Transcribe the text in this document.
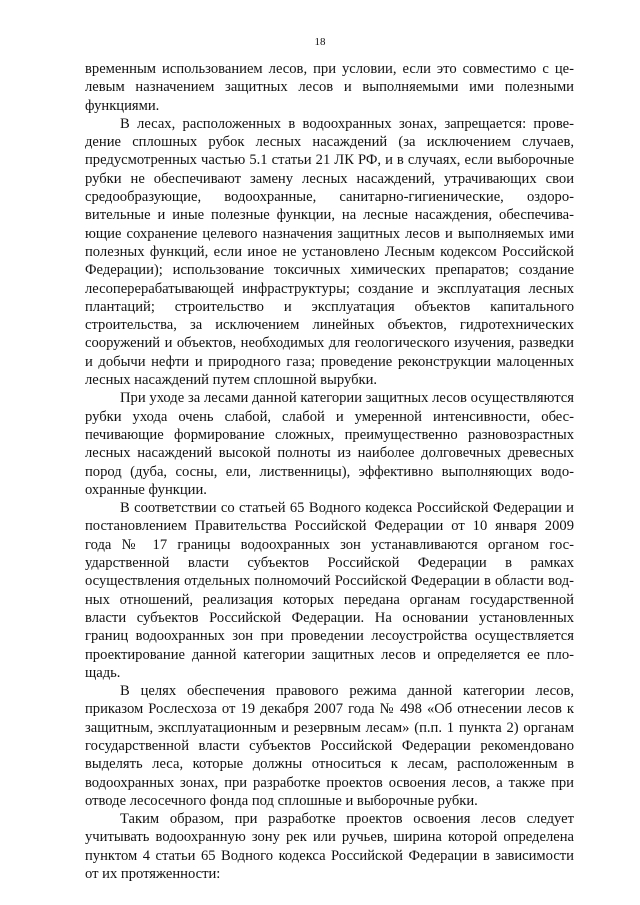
18

временным использованием лесов, при условии, если это совместимо с целевым назначением защитных лесов и выполняемыми ими полезными функциями.

В лесах, расположенных в водоохранных зонах, запрещается: проведение сплошных рубок лесных насаждений (за исключением случаев, предусмотренных частью 5.1 статьи 21 ЛК РФ, и в случаях, если выборочные рубки не обеспечивают замену лесных насаждений, утрачивающих свои средообразующие, водоохранные, санитарно-гигиенические, оздоровительные и иные полезные функции, на лесные насаждения, обеспечивающие сохранение целевого назначения защитных лесов и выполняемых ими полезных функций, если иное не установлено Лесным кодексом Российской Федерации); использование токсичных химических препаратов; создание лесоперерабатывающей инфраструктуры; создание и эксплуатация лесных плантаций; строительство и эксплуатация объектов капитального строительства, за исключением линейных объектов, гидротехнических сооружений и объектов, необходимых для геологического изучения, разведки и добычи нефти и природного газа; проведение реконструкции малоценных лесных насаждений путем сплошной вырубки.

При уходе за лесами данной категории защитных лесов осуществляются рубки ухода очень слабой, слабой и умеренной интенсивности, обеспечивающие формирование сложных, преимущественно разновозрастных лесных насаждений высокой полноты из наиболее долговечных древесных пород (дуба, сосны, ели, лиственницы), эффективно выполняющих водоохранные функции.

В соответствии со статьей 65 Водного кодекса Российской Федерации и постановлением Правительства Российской Федерации от 10 января 2009 года № 17 границы водоохранных зон устанавливаются органом государственной власти субъектов Российской Федерации в рамках осуществления отдельных полномочий Российской Федерации в области водных отношений, реализация которых передана органам государственной власти субъектов Российской Федерации. На основании установленных границ водоохранных зон при проведении лесоустройства осуществляется проектирование данной категории защитных лесов и определяется ее площадь.

В целях обеспечения правового режима данной категории лесов, приказом Рослесхоза от 19 декабря 2007 года № 498 «Об отнесении лесов к защитным, эксплуатационным и резервным лесам» (п.п. 1 пункта 2) органам государственной власти субъектов Российской Федерации рекомендовано выделять леса, которые должны относиться к лесам, расположенным в водоохранных зонах, при разработке проектов освоения лесов, а также при отводе лесосечного фонда под сплошные и выборочные рубки.

Таким образом, при разработке проектов освоения лесов следует учитывать водоохранную зону рек или ручьев, ширина которой определена пунктом 4 статьи 65 Водного кодекса Российской Федерации в зависимости от их протяженности:
